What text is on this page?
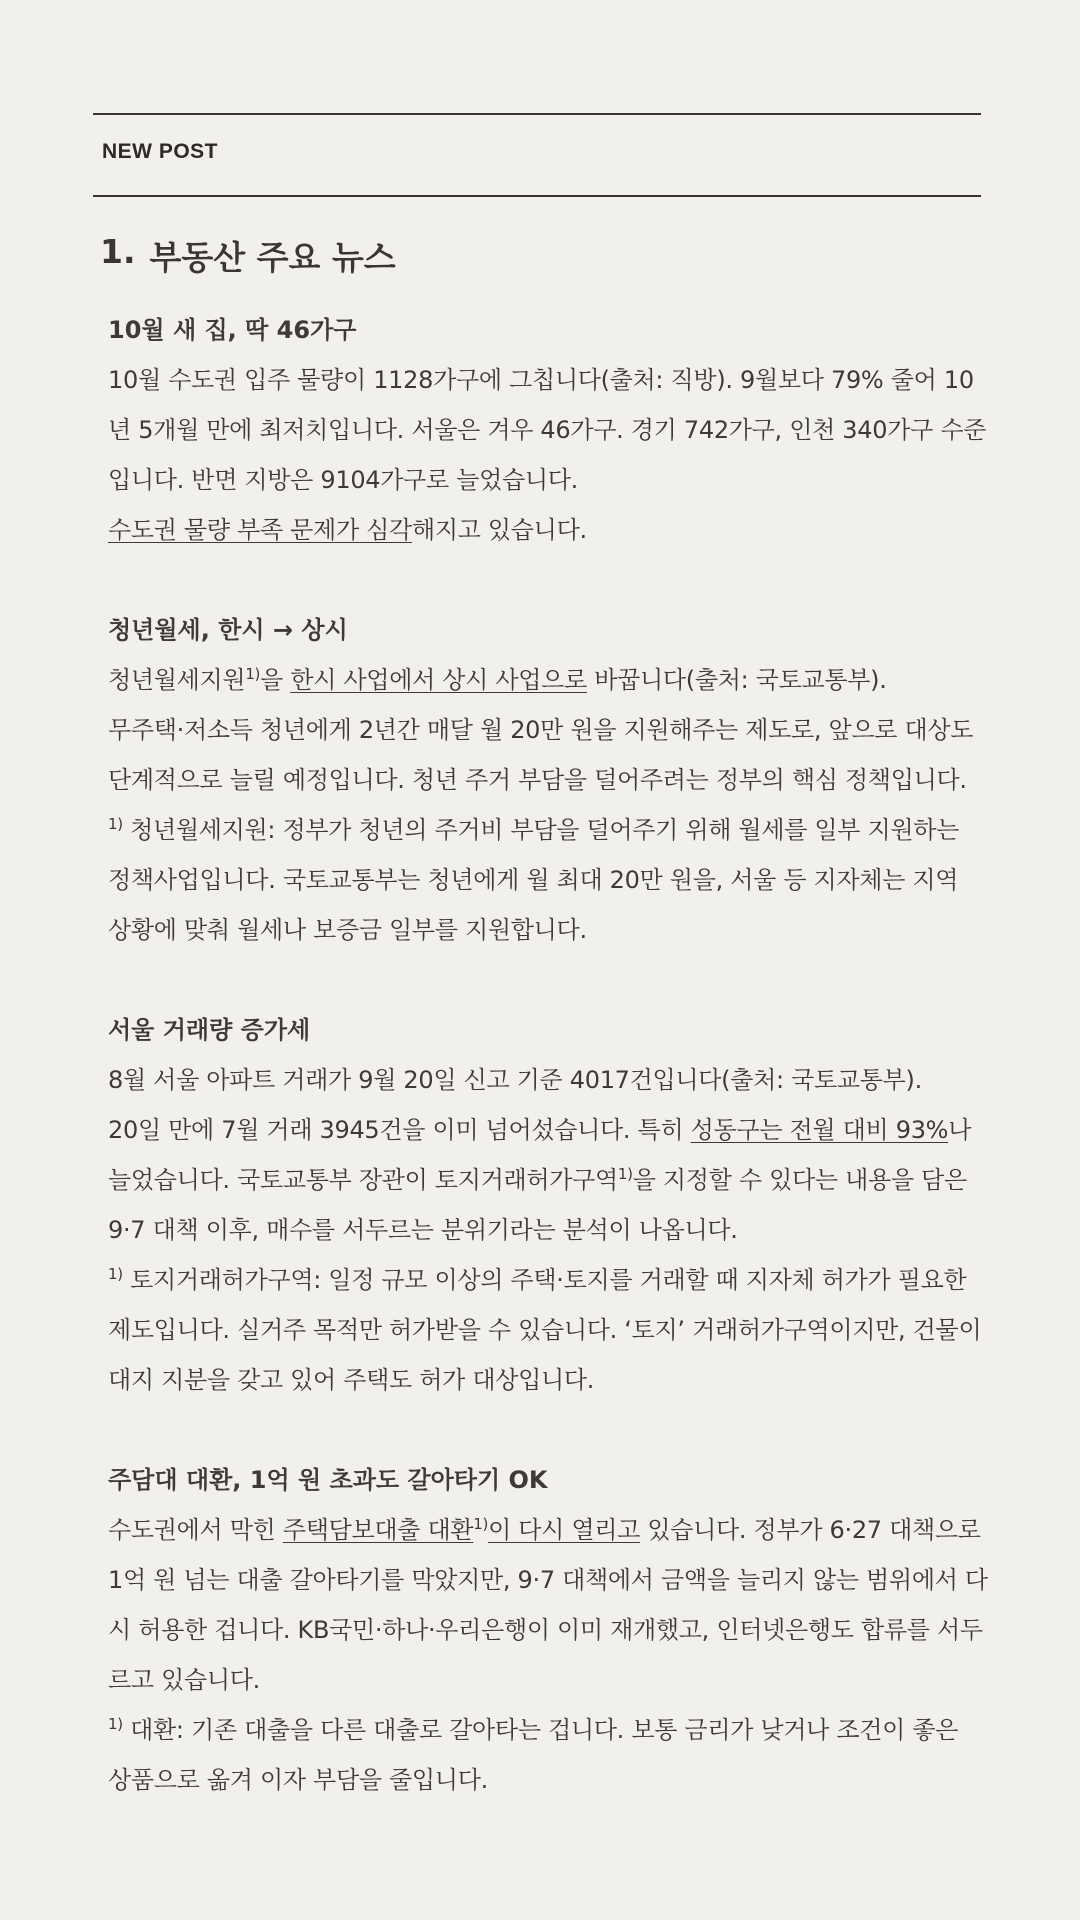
NEW POST
1. 부동산 주요 뉴스

10월 새 집, 딱 46가구

10월 수도권 입주 물량이 1128가구에 그칩니다(출처: 직방). 9월보다 79% 줄어 10년 5개월 만에 최저치입니다. 서울은 겨우 46가구. 경기 742가구, 인천 340가구 수준입니다. 반면 지방은 9104가구로 늘었습니다.

수도권 물량 부족 문제가 심각해지고 있습니다.

청년월세, 한시 → 상시

청년월세지원$^{1)}$을 한시 사업에서 상시 사업으로 바꿉니다(출처: 국토교통부).

무주택·저소득 청년에게 2년간 매달 월 20만 원을 지원해주는 제도로, 앞으로 대상도 단계적으로 늘릴 예정입니다. 청년 주거 부담을 덜어주려는 정부의 핵심 정책입니다.

$^{1)}$ 청년월세지원: 정부가 청년의 주거비 부담을 덜어주기 위해 월세를 일부 지원하는 정책사업입니다. 국토교통부는 청년에게 월 최대 20만 원을, 서울 등 지자체는 지역 상황에 맞춰 월세나 보증금 일부를 지원합니다.

서울 거래량 증가세

8월 서울 아파트 거래가 9월 20일 신고 기준 4017건입니다(출처: 국토교통부).

20일 만에 7월 거래 3945건을 이미 넘어섰습니다. 특히 성동구는 전월 대비 93%나 늘었습니다. 국토교통부 장관이 토지거래허가구역$^{1)}$을 지정할 수 있다는 내용을 담은 9·7 대책 이후, 매수를 서두르는 분위기라는 분석이 나옵니다.

$^{1)}$ 토지거래허가구역: 일정 규모 이상의 주택·토지를 거래할 때 지자체 허가가 필요한 제도입니다. 실거주 목적만 허가받을 수 있습니다. ‘토지’ 거래허가구역이지만, 건물이 대지 지분을 갖고 있어 주택도 허가 대상입니다.

주담대 대환, 1억 원 초과도 갈아타기 OK

수도권에서 막힌 주택담보대출 대환$^{1)}$이 다시 열리고 있습니다. 정부가 6·27 대책으로 1억 원 넘는 대출 갈아타기를 막았지만, 9·7 대책에서 금액을 늘리지 않는 범위에서 다시 허용한 겁니다. KB국민·하나·우리은행이 이미 재개했고, 인터넷은행도 합류를 서두르고 있습니다.

$^{1)}$ 대환: 기존 대출을 다른 대출로 갈아타는 겁니다. 보통 금리가 낮거나 조건이 좋은 상품으로 옮겨 이자 부담을 줄입니다.
